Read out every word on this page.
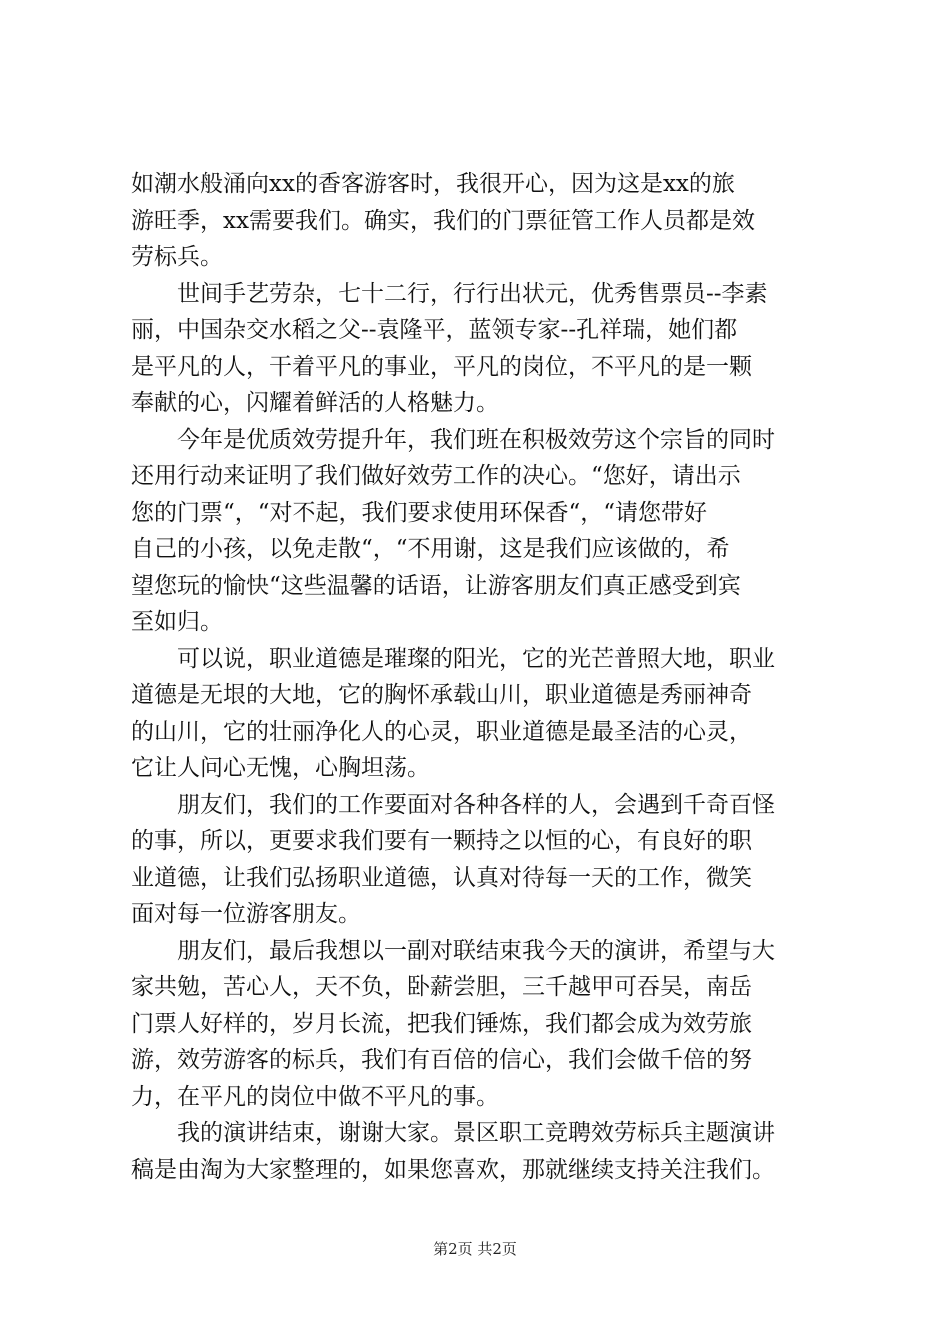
如潮水般涌向xx的香客游客时，我很开心，因为这是xx的旅
游旺季，xx需要我们。确实，我们的门票征管工作人员都是效
劳标兵。
世间手艺劳杂，七十二行，行行出状元，优秀售票员--李素
丽，中国杂交水稻之父--袁隆平，蓝领专家--孔祥瑞，她们都
是平凡的人，干着平凡的事业，平凡的岗位，不平凡的是一颗
奉献的心，闪耀着鲜活的人格魅力。
今年是优质效劳提升年，我们班在积极效劳这个宗旨的同时
还用行动来证明了我们做好效劳工作的决心。“您好，请出示
您的门票“，“对不起，我们要求使用环保香“，“请您带好
自己的小孩，以免走散“，“不用谢，这是我们应该做的，希
望您玩的愉快“这些温馨的话语，让游客朋友们真正感受到宾
至如归。
可以说，职业道德是璀璨的阳光，它的光芒普照大地，职业
道德是无垠的大地，它的胸怀承载山川，职业道德是秀丽神奇
的山川，它的壮丽净化人的心灵，职业道德是最圣洁的心灵，
它让人问心无愧，心胸坦荡。
朋友们，我们的工作要面对各种各样的人，会遇到千奇百怪
的事，所以，更要求我们要有一颗持之以恒的心，有良好的职
业道德，让我们弘扬职业道德，认真对待每一天的工作，微笑
面对每一位游客朋友。
朋友们，最后我想以一副对联结束我今天的演讲，希望与大
家共勉，苦心人，天不负，卧薪尝胆，三千越甲可吞吴，南岳
门票人好样的，岁月长流，把我们锤炼，我们都会成为效劳旅
游，效劳游客的标兵，我们有百倍的信心，我们会做千倍的努
力，在平凡的岗位中做不平凡的事。
我的演讲结束，谢谢大家。景区职工竞聘效劳标兵主题演讲
稿是由淘为大家整理的，如果您喜欢，那就继续支持关注我们。
第2页 共2页
